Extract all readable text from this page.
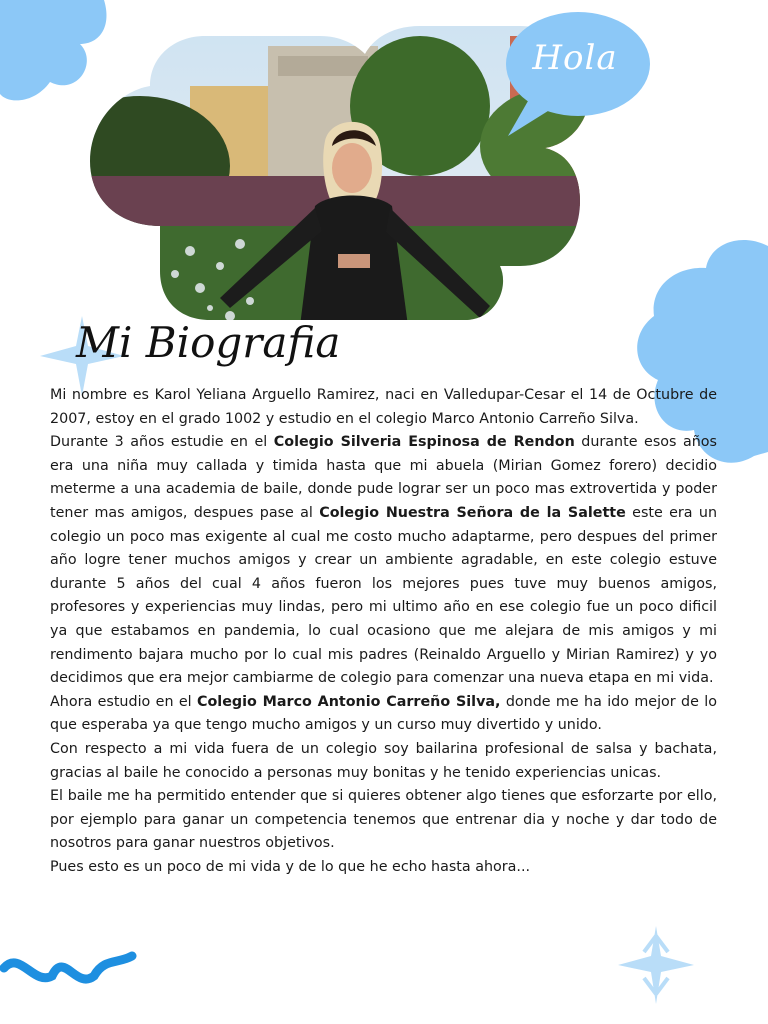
Hola
Mi Biografia

Mi nombre es Karol Yeliana Arguello Ramirez, naci en Valledupar-Cesar el 14 de Octubre de 2007, estoy en el grado 1002 y estudio en el colegio Marco Antonio Carreño Silva.

Durante 3 años estudie en el Colegio Silveria Espinosa de Rendon durante esos años era una niña muy callada y timida hasta que mi abuela (Mirian Gomez forero) decidio meterme a una academia de baile, donde pude lograr ser un poco mas extrovertida y poder tener mas amigos, despues pase al Colegio Nuestra Señora de la Salette este era un colegio un poco mas exigente al cual me costo mucho adaptarme, pero despues del primer año logre tener muchos amigos y crear un ambiente agradable, en este colegio estuve durante 5 años del cual 4 años fueron los mejores pues tuve muy buenos amigos, profesores y experiencias muy lindas, pero mi ultimo año en ese colegio fue un poco dificil ya que estabamos en pandemia, lo cual ocasiono que me alejara de mis amigos y mi rendimento bajara mucho por lo cual mis padres (Reinaldo Arguello y Mirian Ramirez) y yo decidimos que era mejor cambiarme de colegio para comenzar una nueva etapa en mi vida.

Ahora estudio en el Colegio Marco Antonio Carreño Silva, donde me ha ido mejor de lo que esperaba ya que tengo mucho amigos y un curso muy divertido y unido.

Con respecto a mi vida fuera de un colegio soy bailarina profesional de salsa y bachata, gracias al baile he conocido a personas muy bonitas y he tenido experiencias unicas.

El baile me ha permitido entender que si quieres obtener algo tienes que esforzarte por ello, por ejemplo para ganar un competencia tenemos que entrenar dia y noche y dar todo de nosotros para ganar nuestros objetivos.

Pues esto es un poco de mi vida y de lo que he echo hasta ahora...
